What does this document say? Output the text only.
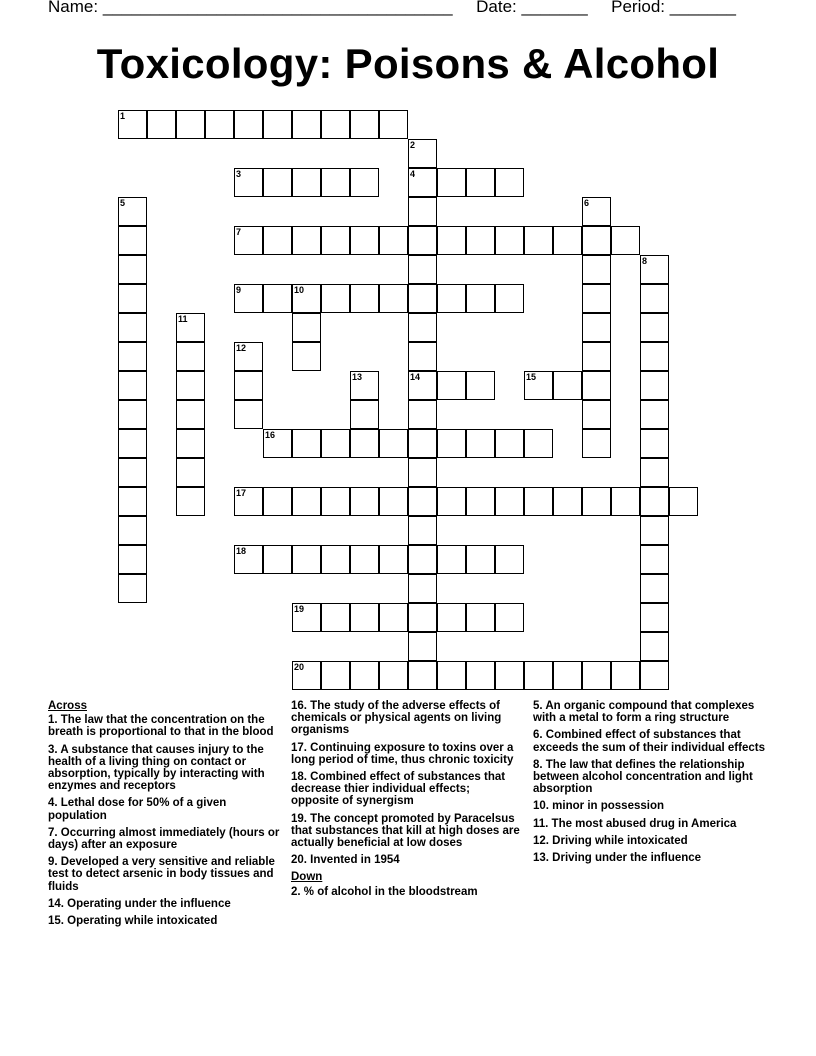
Name: _____________________________________ Date: _______ Period: _______
Toxicology: Poisons & Alcohol
1
3	4
7
9	10
14	15
16
17
18
19
20
2
5	6
8
11
12
13
Across
1. The law that the concentration on the breath is proportional to that in the blood
3. A substance that causes injury to the health of a living thing on contact or absorption, typically by interacting with enzymes and receptors
4. Lethal dose for 50% of a given population
7. Occurring almost immediately (hours or days) after an exposure
9. Developed a very sensitive and reliable test to detect arsenic in body tissues and fluids
14. Operating under the influence
15. Operating while intoxicated
16. The study of the adverse effects of chemicals or physical agents on living organisms
17. Continuing exposure to toxins over a long period of time, thus chronic toxicity
18. Combined effect of substances that decrease thier individual effects; opposite of synergism
19. The concept promoted by Paracelsus that substances that kill at high doses are actually beneficial at low doses
20. Invented in 1954
Down
2. % of alcohol in the bloodstream
5. An organic compound that complexes with a metal to form a ring structure
6. Combined effect of substances that exceeds the sum of their individual effects
8. The law that defines the relationship between alcohol concentration and light absorption
10. minor in possession
11. The most abused drug in America
12. Driving while intoxicated
13. Driving under the influence
